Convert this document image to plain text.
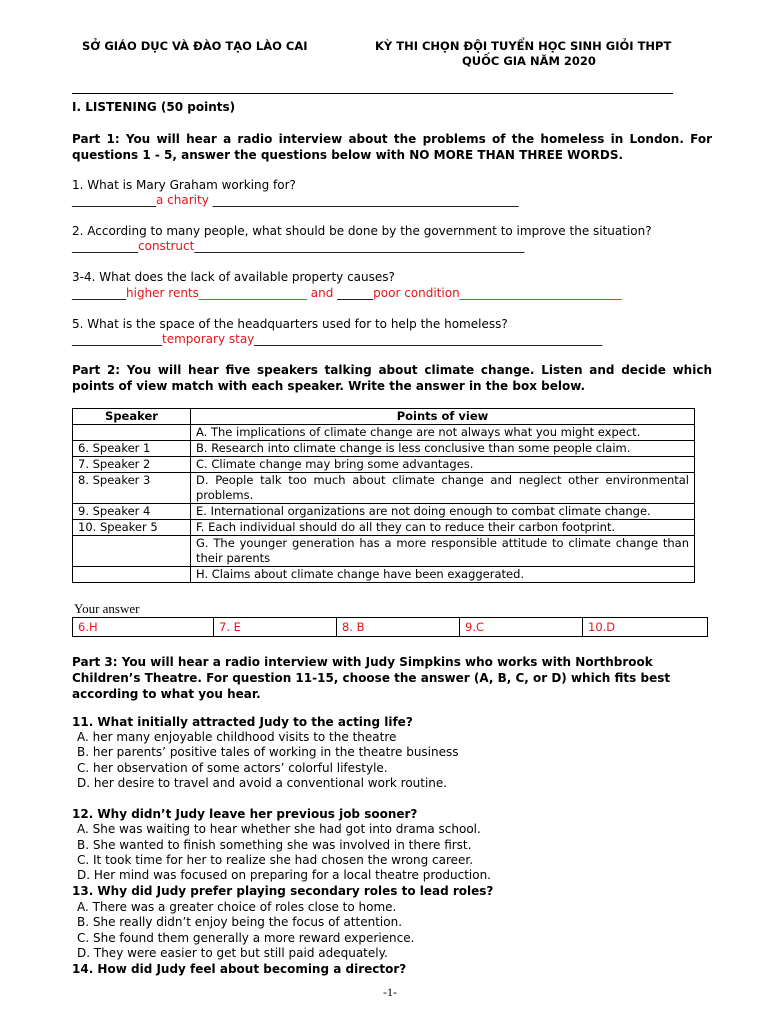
SỞ GIÁO DỤC VÀ ĐÀO TẠO LÀO CAI	KỲ THI CHỌN ĐỘI TUYỂN HỌC SINH GIỎI THPT
QUỐC GIA NĂM 2020
I. LISTENING (50 points)

Part 1: You will hear a radio interview about the problems of the homeless in London. For questions 1 - 5, answer the questions below with NO MORE THAN THREE WORDS.

1. What is Mary Graham working for?
______________a charity ___________________________________________________
2. According to many people, what should be done by the government to improve the situation?
___________construct_______________________________________________________
3-4. What does the lack of available property causes?
_________higher rents__________________ and ______poor condition___________________________
5. What is the space of the headquarters used for to help the homeless?
_______________temporary stay__________________________________________________________

Part 2: You will hear five speakers talking about climate change. Listen and decide which points of view match with each speaker. Write the answer in the box below.

Speaker	Points of view
	A. The implications of climate change are not always what you might expect.
6. Speaker 1	B. Research into climate change is less conclusive than some people claim.
7. Speaker 2	C. Climate change may bring some advantages.
8. Speaker 3	D. People talk too much about climate change and neglect other environmental problems.
9. Speaker 4	E. International organizations are not doing enough to combat climate change.
10. Speaker 5	F. Each individual should do all they can to reduce their carbon footprint.
	G. The younger generation has a more responsible attitude to climate change than their parents
	H. Claims about climate change have been exaggerated.
Your answer
6.H	7. E	8. B	9.C	10.D

Part 3: You will hear a radio interview with Judy Simpkins who works with Northbrook Children’s Theatre. For question 11-15, choose the answer (A, B, C, or D) which fits best according to what you hear.

11. What initially attracted Judy to the acting life?
A. her many enjoyable childhood visits to the theatre
B. her parents’ positive tales of working in the theatre business
C. her observation of some actors’ colorful lifestyle.
D. her desire to travel and avoid a conventional work routine.
12. Why didn’t Judy leave her previous job sooner?
A. She was waiting to hear whether she had got into drama school.
B. She wanted to finish something she was involved in there first.
C. It took time for her to realize she had chosen the wrong career.
D. Her mind was focused on preparing for a local theatre production.
13. Why did Judy prefer playing secondary roles to lead roles?
A. There was a greater choice of roles close to home.
B. She really didn’t enjoy being the focus of attention.
C. She found them generally a more reward experience.
D. They were easier to get but still paid adequately.
14. How did Judy feel about becoming a director?
-1-
